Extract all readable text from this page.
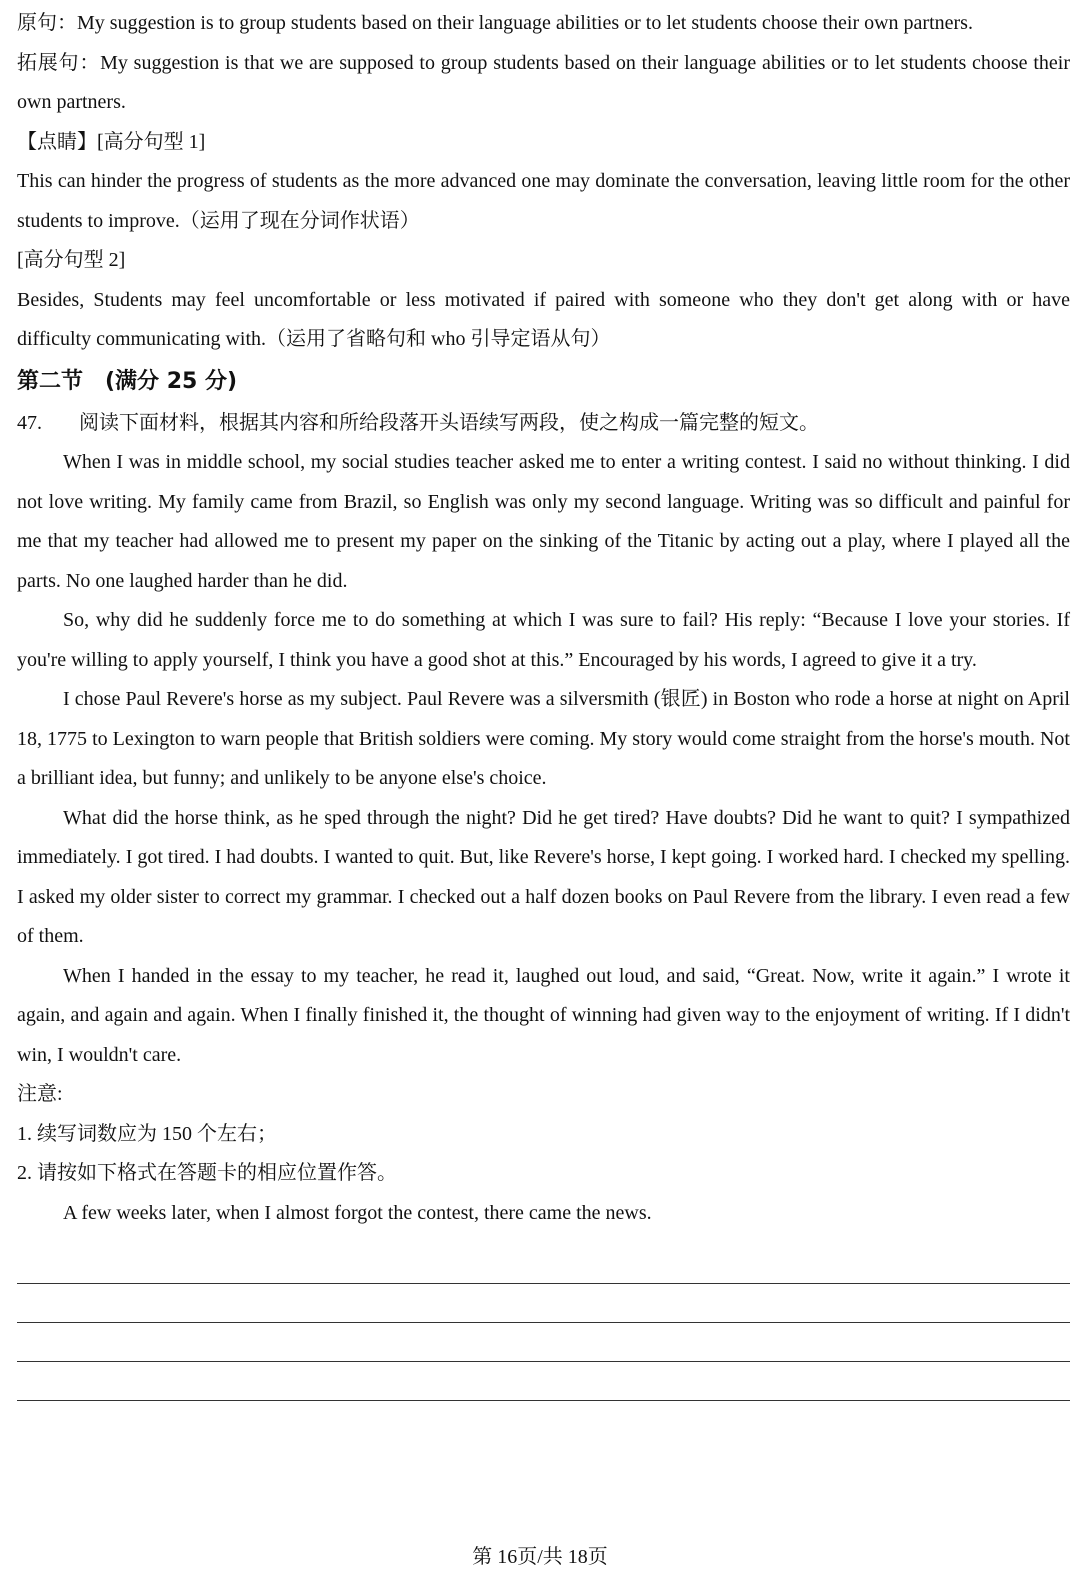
原句：My suggestion is to group students based on their language abilities or to let students choose their own partners.

拓展句：My suggestion is that we are supposed to group students based on their language abilities or to let students choose their own partners.

【点睛】[高分句型 1]

This can hinder the progress of students as the more advanced one may dominate the conversation, leaving little room for the other students to improve.（运用了现在分词作状语）

[高分句型 2]

Besides, Students may feel uncomfortable or less motivated if paired with someone who they don't get along with or have difficulty communicating with.（运用了省略句和 who 引导定语从句）

第二节　(满分 25 分)

47. 阅读下面材料，根据其内容和所给段落开头语续写两段，使之构成一篇完整的短文。

When I was in middle school, my social studies teacher asked me to enter a writing contest. I said no without thinking. I did not love writing. My family came from Brazil, so English was only my second language. Writing was so difficult and painful for me that my teacher had allowed me to present my paper on the sinking of the Titanic by acting out a play, where I played all the parts. No one laughed harder than he did.

So, why did he suddenly force me to do something at which I was sure to fail? His reply: “Because I love your stories. If you're willing to apply yourself, I think you have a good shot at this.” Encouraged by his words, I agreed to give it a try.

I chose Paul Revere's horse as my subject. Paul Revere was a silversmith (银匠) in Boston who rode a horse at night on April 18, 1775 to Lexington to warn people that British soldiers were coming. My story would come straight from the horse's mouth. Not a brilliant idea, but funny; and unlikely to be anyone else's choice.

What did the horse think, as he sped through the night? Did he get tired? Have doubts? Did he want to quit? I sympathized immediately. I got tired. I had doubts. I wanted to quit. But, like Revere's horse, I kept going. I worked hard. I checked my spelling. I asked my older sister to correct my grammar. I checked out a half dozen books on Paul Revere from the library. I even read a few of them.

When I handed in the essay to my teacher, he read it, laughed out loud, and said, “Great. Now, write it again.” I wrote it again, and again and again. When I finally finished it, the thought of winning had given way to the enjoyment of writing. If I didn't win, I wouldn't care.

注意:

1. 续写词数应为 150 个左右；

2. 请按如下格式在答题卡的相应位置作答。

A few weeks later, when I almost forgot the contest, there came the news.

第 16页/共 18页
